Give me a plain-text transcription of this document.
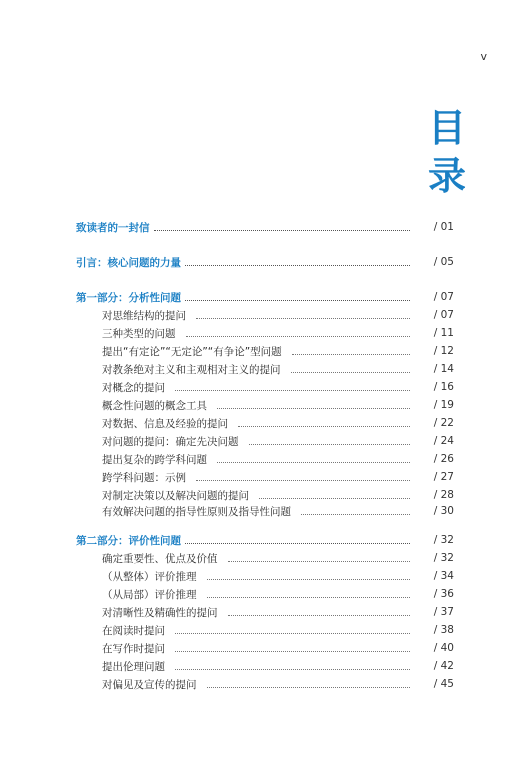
v
目
录
致读者的一封信	/ 01
引言：核心问题的力量	/ 05
第一部分：分析性问题	/ 07
对思维结构的提问	/ 07
三种类型的问题	/ 11
提出“有定论”“无定论”“有争论”型问题	/ 12
对教条绝对主义和主观相对主义的提问	/ 14
对概念的提问	/ 16
概念性问题的概念工具	/ 19
对数据、信息及经验的提问	/ 22
对问题的提问：确定先决问题	/ 24
提出复杂的跨学科问题	/ 26
跨学科问题：示例	/ 27
对制定决策以及解决问题的提问	/ 28
有效解决问题的指导性原则及指导性问题	/ 30
第二部分：评价性问题	/ 32
确定重要性、优点及价值	/ 32
（从整体）评价推理	/ 34
（从局部）评价推理	/ 36
对清晰性及精确性的提问	/ 37
在阅读时提问	/ 38
在写作时提问	/ 40
提出伦理问题	/ 42
对偏见及宣传的提问	/ 45
